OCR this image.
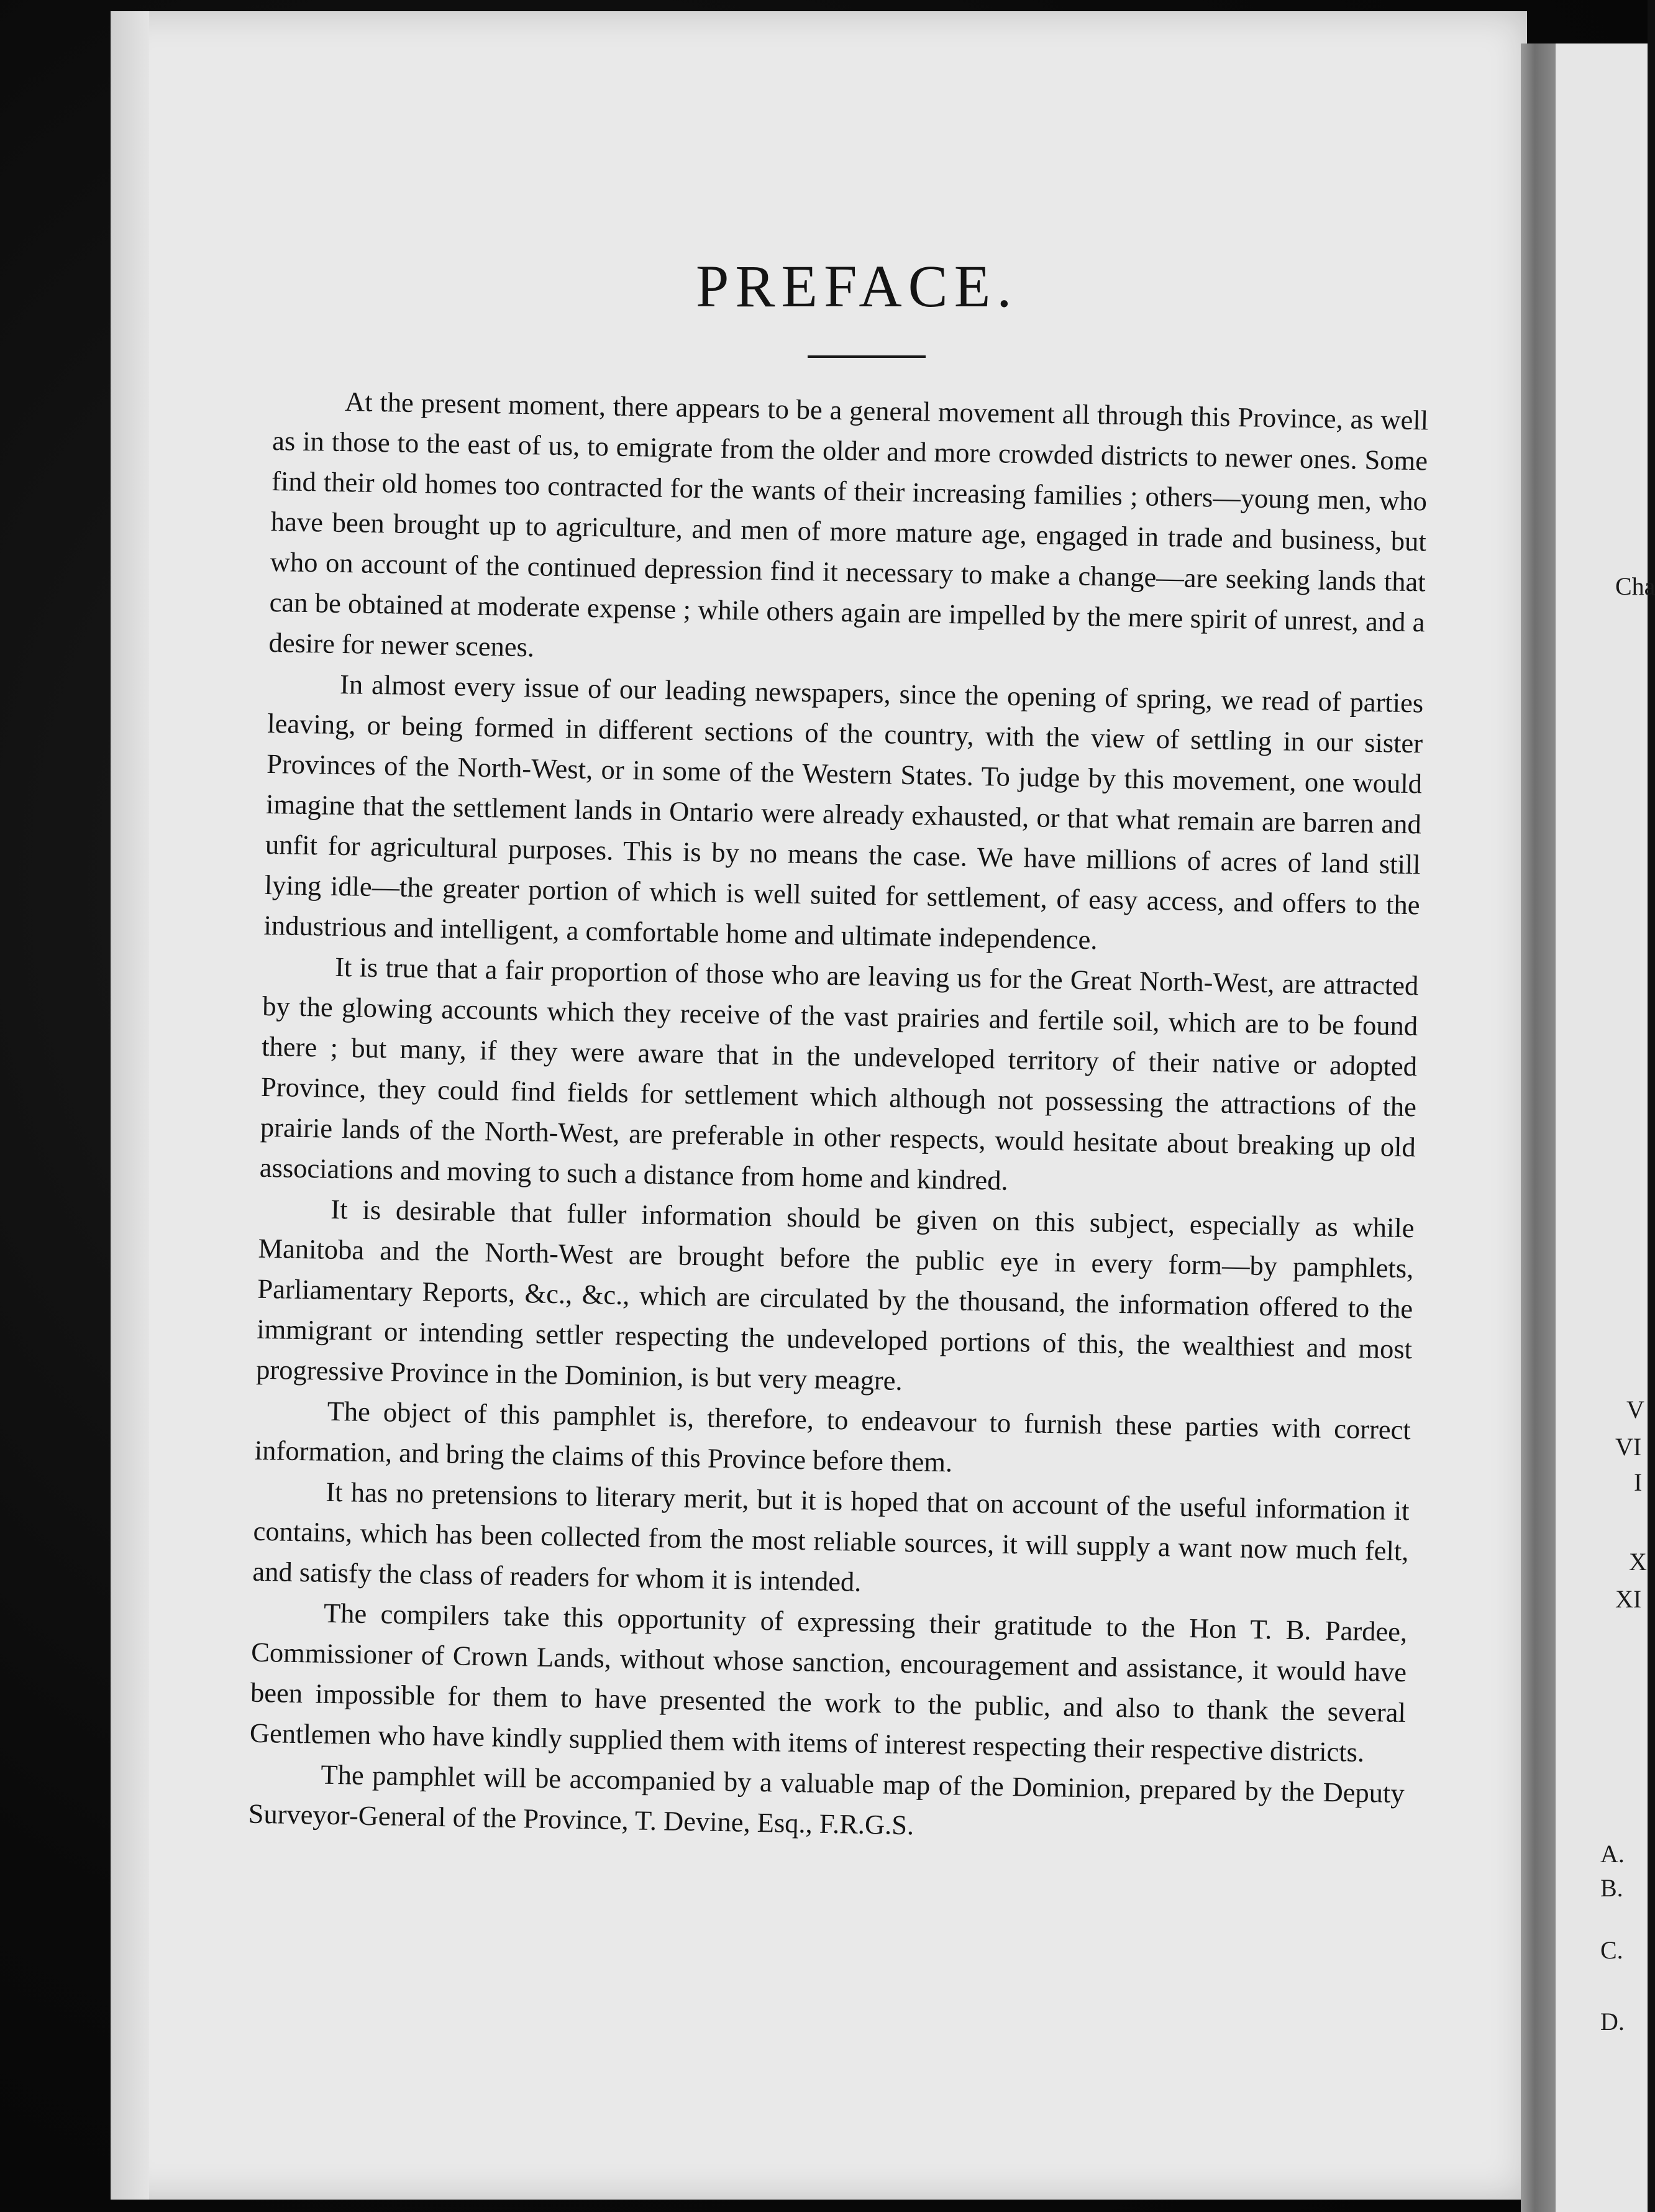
Cha
V
VI
I
X
XI
A.
B.
C.
D.
PREFACE.

At the present moment, there appears to be a general movement all through this Province, as well as in those to the east of us, to emigrate from the older and more crowded districts to newer ones. Some find their old homes too contracted for the wants of their increasing families ; others—young men, who have been brought up to agriculture, and men of more mature age, engaged in trade and business, but who on account of the continued depression find it necessary to make a change—are seeking lands that can be obtained at moderate expense ; while others again are impelled by the mere spirit of unrest, and a desire for newer scenes.

In almost every issue of our leading newspapers, since the opening of spring, we read of parties leaving, or being formed in different sections of the country, with the view of settling in our sister Provinces of the North-West, or in some of the Western States. To judge by this movement, one would imagine that the settlement lands in Ontario were already exhausted, or that what remain are barren and unfit for agricultural purposes. This is by no means the case. We have millions of acres of land still lying idle—the greater portion of which is well suited for settlement, of easy access, and offers to the industrious and intelligent, a comfortable home and ultimate independence.

It is true that a fair proportion of those who are leaving us for the Great North-West, are attracted by the glowing accounts which they receive of the vast prairies and fertile soil, which are to be found there ; but many, if they were aware that in the undeveloped territory of their native or adopted Province, they could find fields for settlement which although not possessing the attractions of the prairie lands of the North-West, are preferable in other respects, would hesitate about breaking up old associations and moving to such a distance from home and kindred.

It is desirable that fuller information should be given on this subject, especially as while Manitoba and the North-West are brought before the public eye in every form—by pamphlets, Parliamentary Reports, &c., &c., which are circulated by the thousand, the information offered to the immigrant or intending settler respecting the undeveloped portions of this, the wealthiest and most progressive Province in the Dominion, is but very meagre.

The object of this pamphlet is, therefore, to endeavour to furnish these parties with correct information, and bring the claims of this Province before them.

It has no pretensions to literary merit, but it is hoped that on account of the useful information it contains, which has been collected from the most reliable sources, it will supply a want now much felt, and satisfy the class of readers for whom it is intended.

The compilers take this opportunity of expressing their gratitude to the Hon T. B. Pardee, Commissioner of Crown Lands, without whose sanction, encouragement and assistance, it would have been impossible for them to have presented the work to the public, and also to thank the several Gentlemen who have kindly supplied them with items of interest respecting their respective districts.

The pamphlet will be accompanied by a valuable map of the Dominion, prepared by the Deputy Surveyor-General of the Province, T. Devine, Esq., F.R.G.S.
